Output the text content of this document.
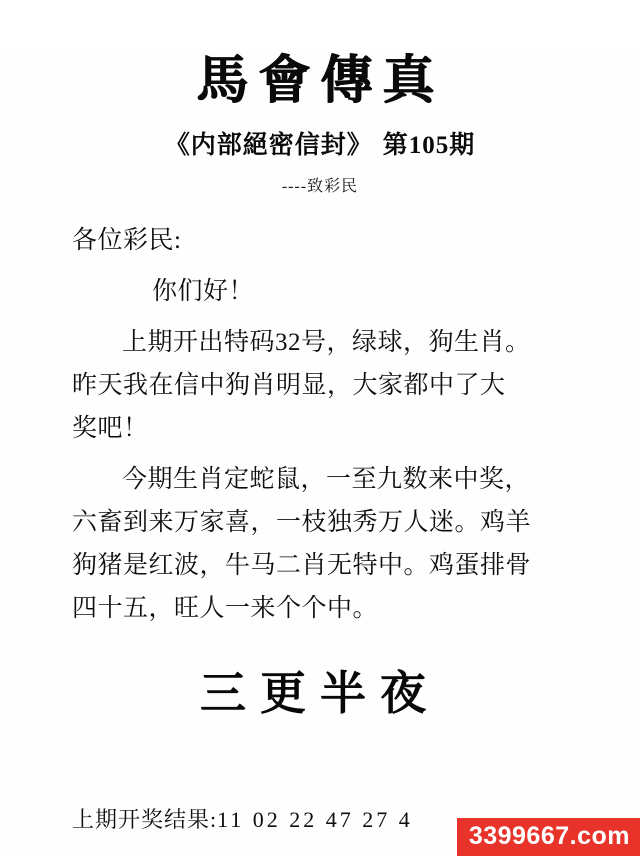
馬會傳真
《内部絕密信封》 第105期
----致彩民
各位彩民:
你们好！
上期开出特码32号，绿球，狗生肖。
昨天我在信中狗肖明显，大家都中了大
奖吧！
今期生肖定蛇鼠，一至九数来中奖，
六畜到来万家喜，一枝独秀万人迷。鸡羊
狗猪是红波，牛马二肖无特中。鸡蛋排骨
四十五，旺人一来个个中。
三更半夜
上期开奖结果:11 02 22 47 27 4
3399667.com
